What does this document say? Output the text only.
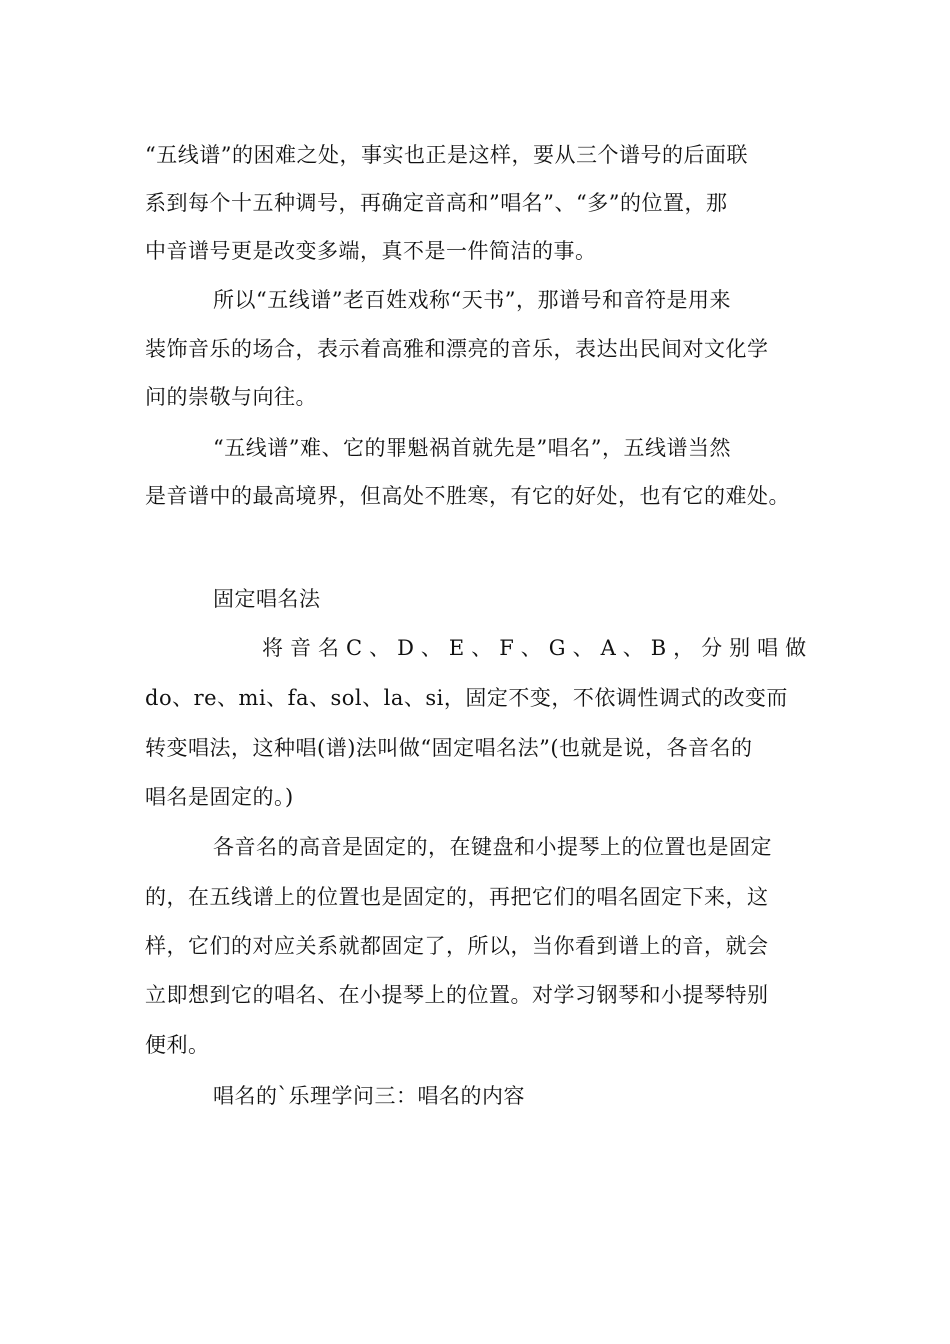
“五线谱”的困难之处，事实也正是这样，要从三个谱号的后面联
系到每个十五种调号，再确定音高和”唱名”、“多”的位置，那
中音谱号更是改变多端，真不是一件简洁的事。
所以“五线谱”老百姓戏称“天书”，那谱号和音符是用来
装饰音乐的场合，表示着高雅和漂亮的音乐，表达出民间对文化学
问的崇敬与向往。
“五线谱”难、它的罪魁祸首就先是”唱名”，五线谱当然
是音谱中的最高境界，但高处不胜寒，有它的好处，也有它的难处。
固定唱名法
将音名C、D、E、F、G、A、B，分别唱做
do、re、mi、fa、sol、la、si，固定不变，不依调性调式的改变而
转变唱法，这种唱(谱)法叫做“固定唱名法”(也就是说，各音名的
唱名是固定的。)
各音名的高音是固定的，在键盘和小提琴上的位置也是固定
的，在五线谱上的位置也是固定的，再把它们的唱名固定下来，这
样，它们的对应关系就都固定了，所以，当你看到谱上的音，就会
立即想到它的唱名、在小提琴上的位置。对学习钢琴和小提琴特别
便利。
唱名的`乐理学问三：唱名的内容
